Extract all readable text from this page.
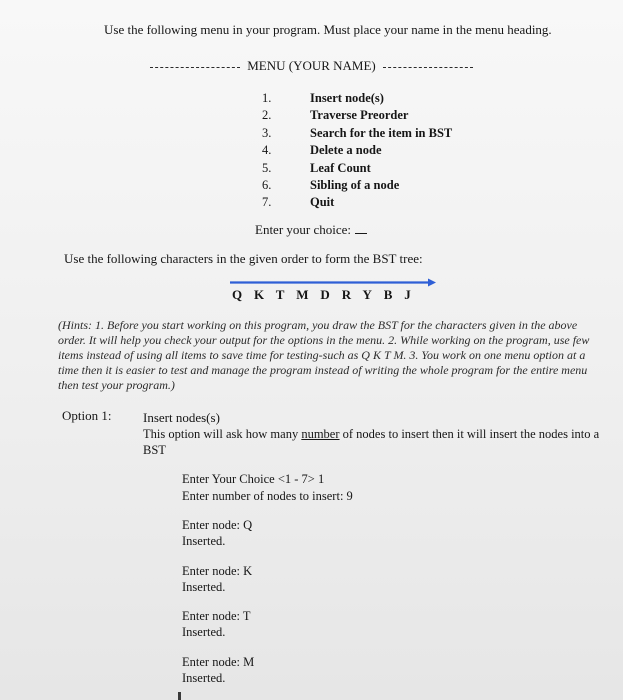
Use the following menu in your program. Must place your name in the menu heading.
MENU (YOUR NAME)
1.	Insert node(s)
2.	Traverse Preorder
3.	Search for the item in BST
4.	Delete a node
5.	Leaf Count
6.	Sibling of a node
7.	Quit
Enter your choice:
Use the following characters in the given order to form the BST tree:
Q K T M D R Y B J
(Hints: 1. Before you start working on this program, you draw the BST for the characters given in the above order. It will help you check your output for the options in the menu. 2. While working on the program, use few items instead of using all items to save time for testing-such as Q K T M. 3. You work on one menu option at a time then it is easier to test and manage the program instead of writing the whole program for the entire menu then test your program.)
Option 1: Insert nodes(s)
This option will ask how many number of nodes to insert then it will insert the nodes into a BST
Enter Your Choice <1 - 7> 1
Enter number of nodes to insert: 9
Enter node: Q
Inserted.
Enter node: K
Inserted.
Enter node: T
Inserted.
Enter node: M
Inserted.
